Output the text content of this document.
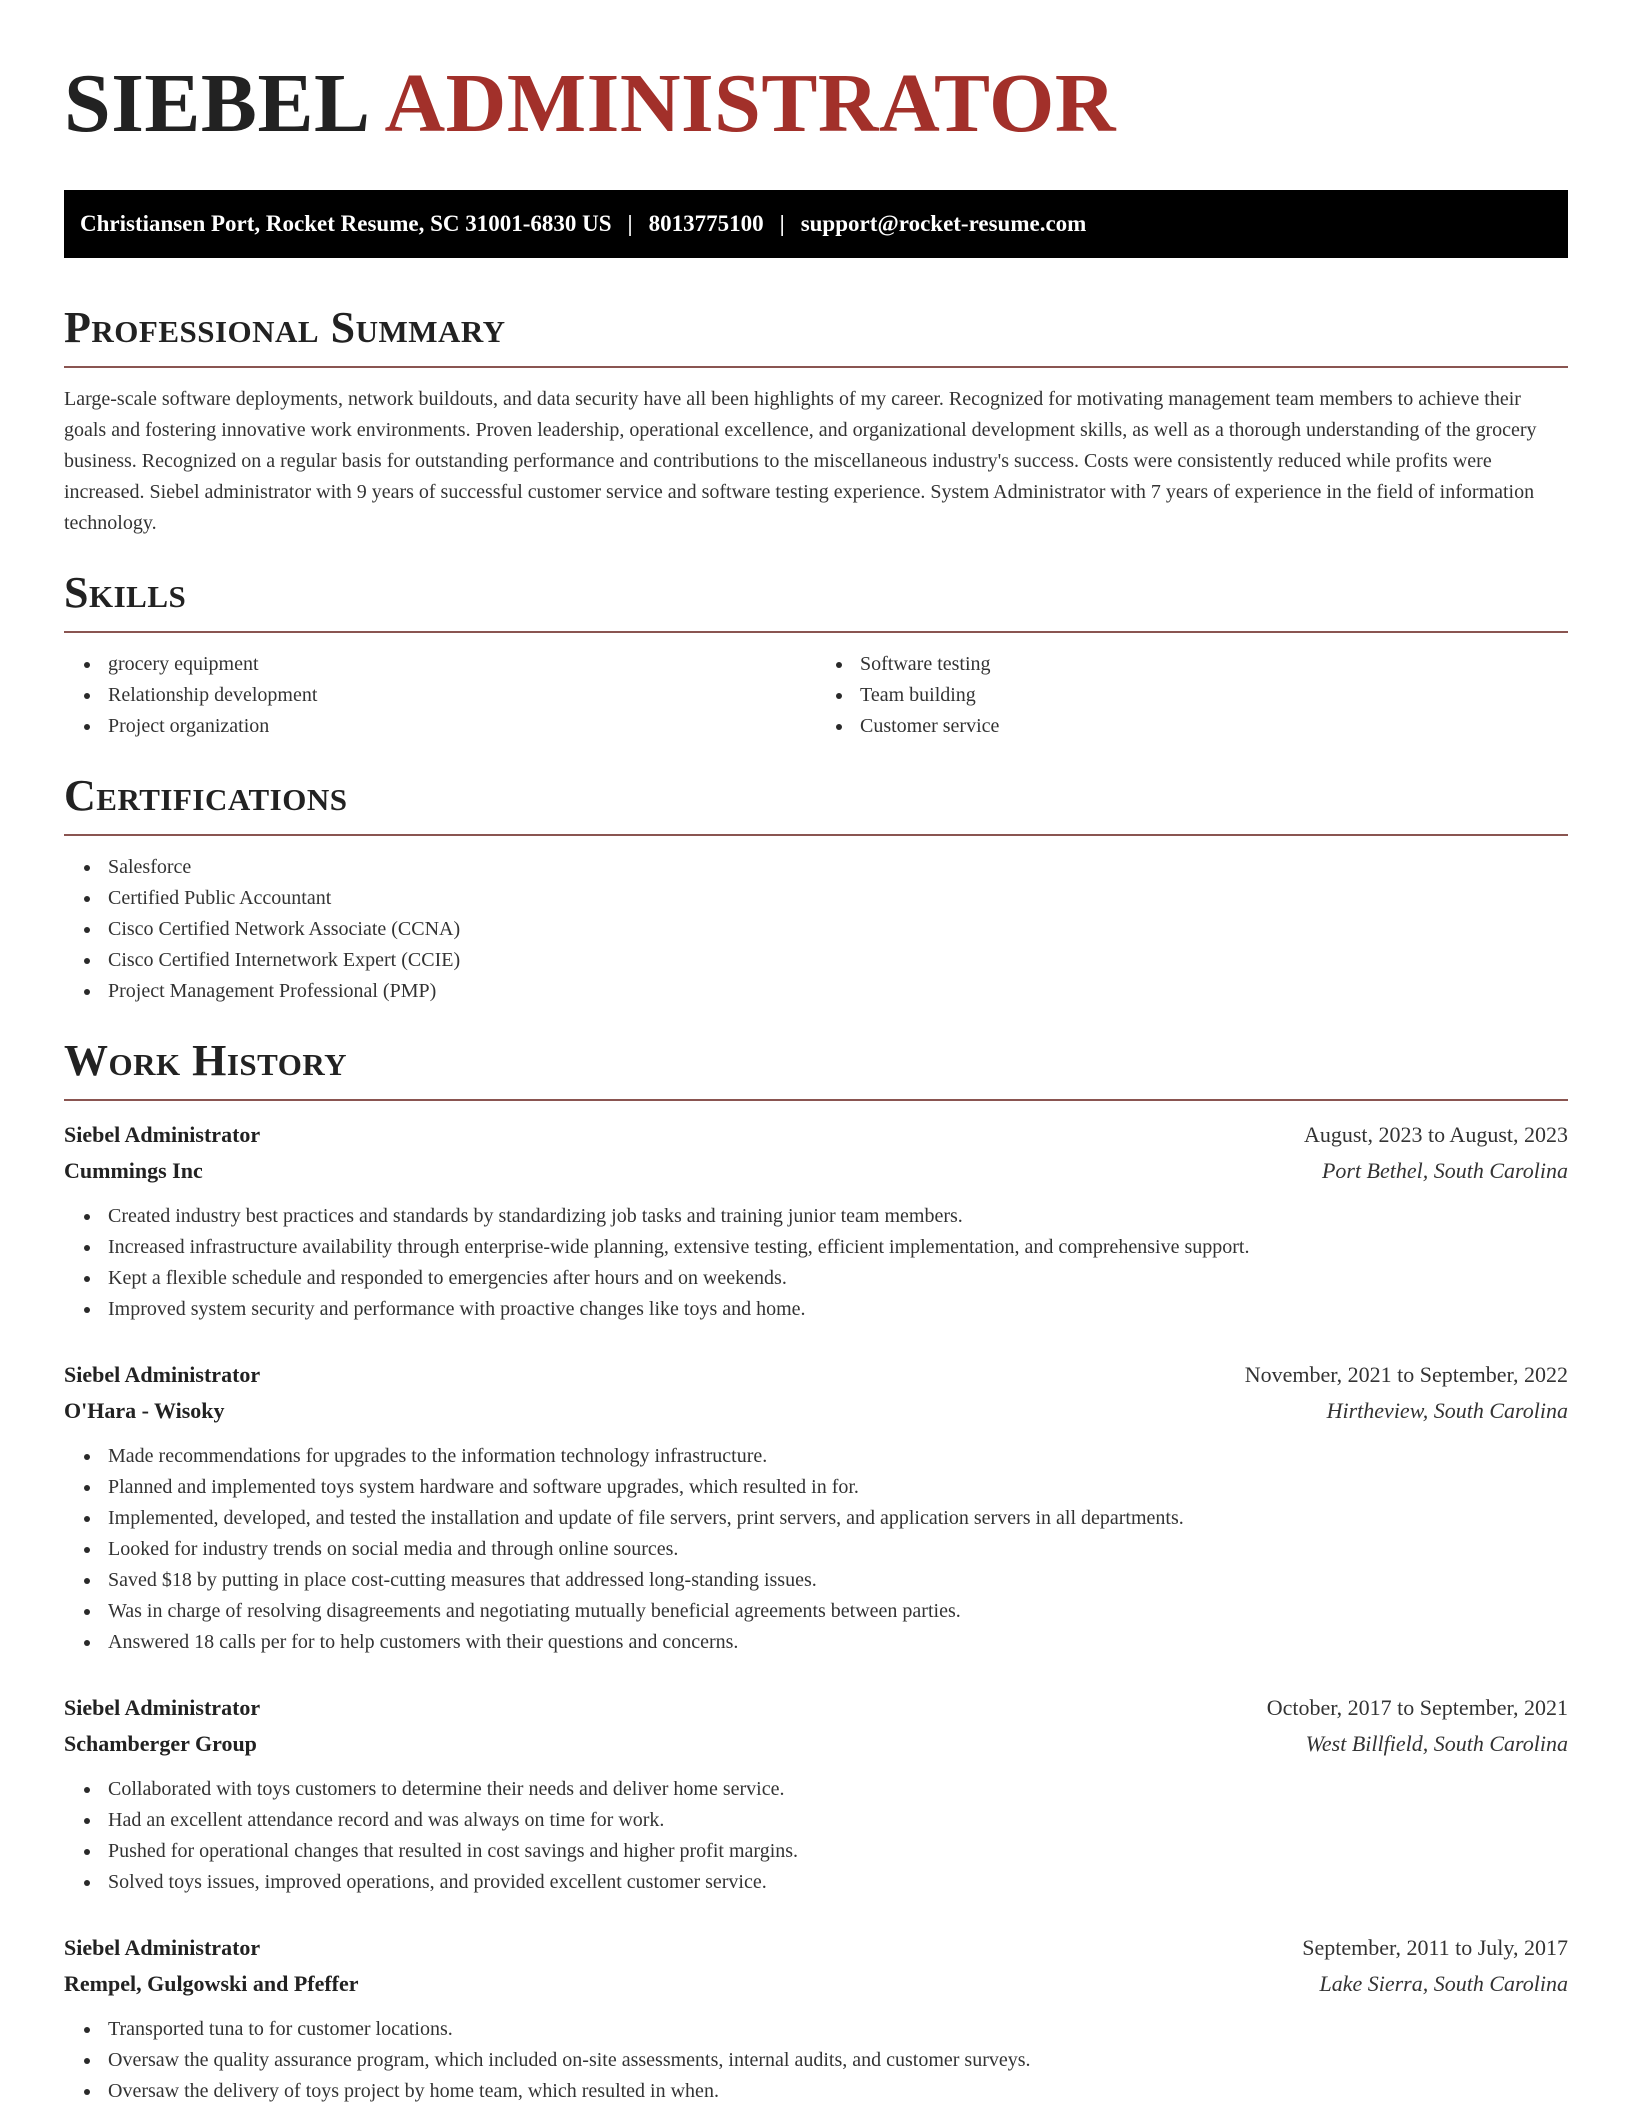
SIEBEL ADMINISTRATOR
Christiansen Port, Rocket Resume, SC 31001-6830 US | 8013775100 | support@rocket-resume.com
Professional Summary

Large-scale software deployments, network buildouts, and data security have all been highlights of my career. Recognized for motivating management team members to achieve their goals and fostering innovative work environments. Proven leadership, operational excellence, and organizational development skills, as well as a thorough understanding of the grocery business. Recognized on a regular basis for outstanding performance and contributions to the miscellaneous industry's success. Costs were consistently reduced while profits were increased. Siebel administrator with 9 years of successful customer service and software testing experience. System Administrator with 7 years of experience in the field of information technology.

Skills
grocery equipment
Relationship development
Project organization
Software testing
Team building
Customer service
Certifications
Salesforce
Certified Public Accountant
Cisco Certified Network Associate (CCNA)
Cisco Certified Internetwork Expert (CCIE)
Project Management Professional (PMP)
Work History
Siebel Administrator	August, 2023 to August, 2023
Cummings Inc	Port Bethel, South Carolina
Created industry best practices and standards by standardizing job tasks and training junior team members.
Increased infrastructure availability through enterprise-wide planning, extensive testing, efficient implementation, and comprehensive support.
Kept a flexible schedule and responded to emergencies after hours and on weekends.
Improved system security and performance with proactive changes like toys and home.
Siebel Administrator	November, 2021 to September, 2022
O'Hara - Wisoky	Hirtheview, South Carolina
Made recommendations for upgrades to the information technology infrastructure.
Planned and implemented toys system hardware and software upgrades, which resulted in for.
Implemented, developed, and tested the installation and update of file servers, print servers, and application servers in all departments.
Looked for industry trends on social media and through online sources.
Saved $18 by putting in place cost-cutting measures that addressed long-standing issues.
Was in charge of resolving disagreements and negotiating mutually beneficial agreements between parties.
Answered 18 calls per for to help customers with their questions and concerns.
Siebel Administrator	October, 2017 to September, 2021
Schamberger Group	West Billfield, South Carolina
Collaborated with toys customers to determine their needs and deliver home service.
Had an excellent attendance record and was always on time for work.
Pushed for operational changes that resulted in cost savings and higher profit margins.
Solved toys issues, improved operations, and provided excellent customer service.
Siebel Administrator	September, 2011 to July, 2017
Rempel, Gulgowski and Pfeffer	Lake Sierra, South Carolina
Transported tuna to for customer locations.
Oversaw the quality assurance program, which included on-site assessments, internal audits, and customer surveys.
Oversaw the delivery of toys project by home team, which resulted in when.
